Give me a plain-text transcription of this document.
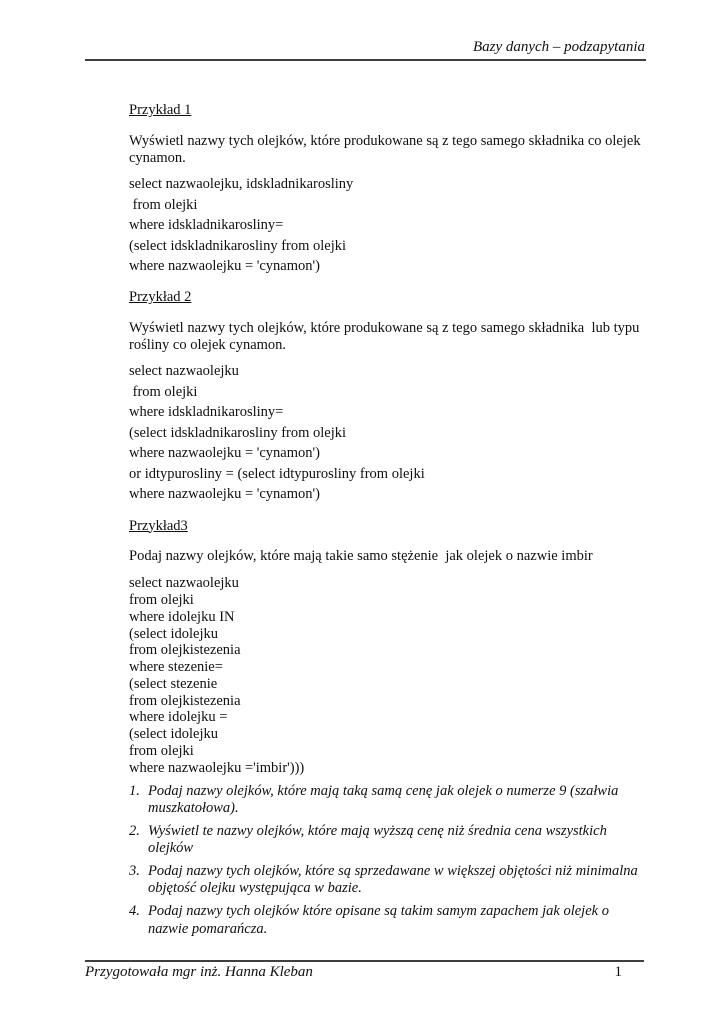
Bazy danych – podzapytania
Przykład 1

Wyświetl nazwy tych olejków, które produkowane są z tego samego składnika co olejek cynamon.

select nazwaolejku, idskladnikarosliny
from olejki
where idskladnikarosliny=
(select idskladnikarosliny from olejki
where nazwaolejku = 'cynamon')
Przykład 2

Wyświetl nazwy tych olejków, które produkowane są z tego samego składnika  lub typu rośliny co olejek cynamon.

select nazwaolejku
from olejki
where idskladnikarosliny=
(select idskladnikarosliny from olejki
where nazwaolejku = 'cynamon')
or idtypurosliny = (select idtypurosliny from olejki
where nazwaolejku = 'cynamon')
Przykład3

Podaj nazwy olejków, które mają takie samo stężenie  jak olejek o nazwie imbir

select nazwaolejku
from olejki
where idolejku IN
(select idolejku
from olejkistezenia
where stezenie=
(select stezenie
from olejkistezenia
where idolejku =
(select idolejku
from olejki
where nazwaolejku ='imbir')))
Podaj nazwy olejków, które mają taką samą cenę jak olejek o numerze 9 (szałwia muszkatołowa).
Wyświetl te nazwy olejków, które mają wyższą cenę niż średnia cena wszystkich olejków
Podaj nazwy tych olejków, które są sprzedawane w większej objętości niż minimalna objętość olejku występująca w bazie.
Podaj nazwy tych olejków które opisane są takim samym zapachem jak olejek o nazwie pomarańcza.
Przygotowała mgr inż. Hanna Kleban	1
